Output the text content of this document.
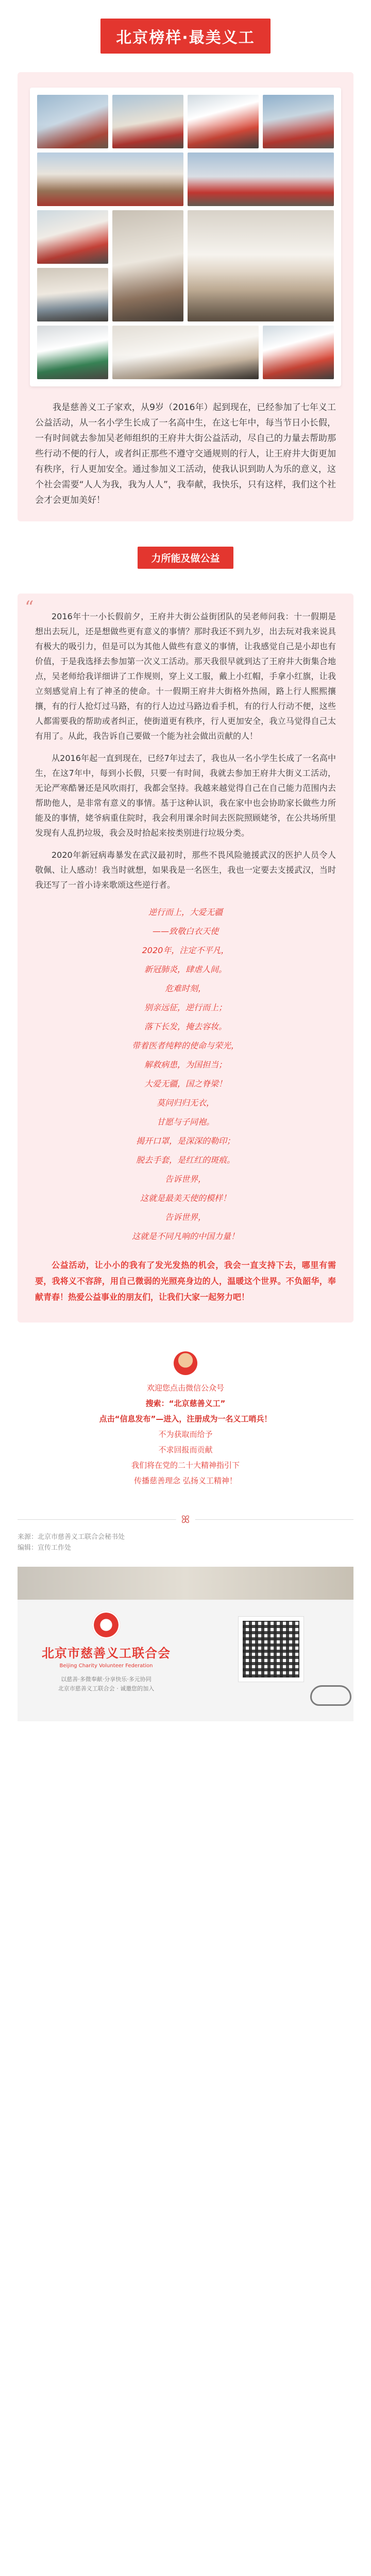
北京榜样·最美义工

我是慈善义工子家欢，从9岁（2016年）起到现在，已经参加了七年义工公益活动，从一名小学生长成了一名高中生，在这七年中，每当节日小长假，一有时间就去参加吴老师组织的王府井大街公益活动，尽自己的力量去帮助那些行动不便的行人，或者纠正那些不遵守交通规则的行人，让王府井大街更加有秩序，行人更加安全。通过参加义工活动，使我认识到助人为乐的意义，这个社会需要“人人为我，我为人人”，我奉献，我快乐，只有这样，我们这个社会才会更加美好！

力所能及做公益
“	2016年十一小长假前夕，王府井大街公益街团队的吴老师问我：十一假期是想出去玩儿，还是想做些更有意义的事情？那时我还不到九岁，出去玩对我来说具有极大的吸引力，但是可以为其他人做些有意义的事情，让我感觉自己是小却也有价值，于是我选择去参加第一次义工活动。那天我很早就到达了王府井大街集合地点，吴老师给我详细讲了工作规则，穿上义工服，戴上小红帽，手拿小红旗，让我立刻感觉肩上有了神圣的使命。十一假期王府井大街格外热闹，路上行人熙熙攘攘，有的行人抢灯过马路，有的行人边过马路边看手机，有的行人行动不便，这些人都需要我的帮助或者纠正，使街道更有秩序，行人更加安全，我立马觉得自己太有用了。从此，我告诉自己要做一个能为社会做出贡献的人！

从2016年起一直到现在，已经7年过去了，我也从一名小学生长成了一名高中生，在这7年中，每到小长假，只要一有时间，我就去参加王府井大街义工活动，无论严寒酷暑还是风吹雨打，我都会坚持。我越来越觉得自己在自己能力范围内去帮助他人，是非常有意义的事情。基于这种认识，我在家中也会协助家长做些力所能及的事情，姥爷病重住院时，我会利用课余时间去医院照顾姥爷，在公共场所里发现有人乱扔垃圾，我会及时拾起来按类别进行垃圾分类。

2020年新冠病毒暴发在武汉最初时，那些不畏风险驰援武汉的医护人员令人敬佩、让人感动！我当时就想，如果我是一名医生，我也一定要去支援武汉，当时我还写了一首小诗来歌颂这些逆行者。

逆行而上，大爱无疆
——致敬白衣天使
2020年，注定不平凡，
新冠肺炎，肆虐人间。
危难时刻，
别亲远征，逆行而上；
落下长发，掩去容妆。
带着医者纯粹的使命与荣光，
解救病患，为国担当；
大爱无疆，国之脊梁！
莫问归归无衣，
甘愿与子同袍。
揭开口罩，是深深的勒印；
脱去手套，是红红的斑痕。
告诉世界，
这就是最美天使的模样！
告诉世界，
这就是不同凡响的中国力量！

公益活动，让小小的我有了发光发热的机会，我会一直支持下去，哪里有需要，我将义不容辞，用自己微弱的光照亮身边的人，温暖这个世界。不负韶华，奉献青春！热爱公益事业的朋友们，让我们大家一起努力吧！

欢迎您点击微信公众号
搜索：“北京慈善义工”
点击“信息发布”—进入，注册成为一名义工哨兵！
不为获取而给予
不求回报而贡献
我们将在党的二十大精神指引下
传播慈善理念 弘扬义工精神！
ꕤ
来源：北京市慈善义工联合会秘书处
编辑：宣传工作处
北京市慈善义工联合会
Beijing Charity Volunteer Federation
以慈善·多微奉献·分享快乐·多元协同
北京市慈善义工联合会 · 诚邀您的加入
